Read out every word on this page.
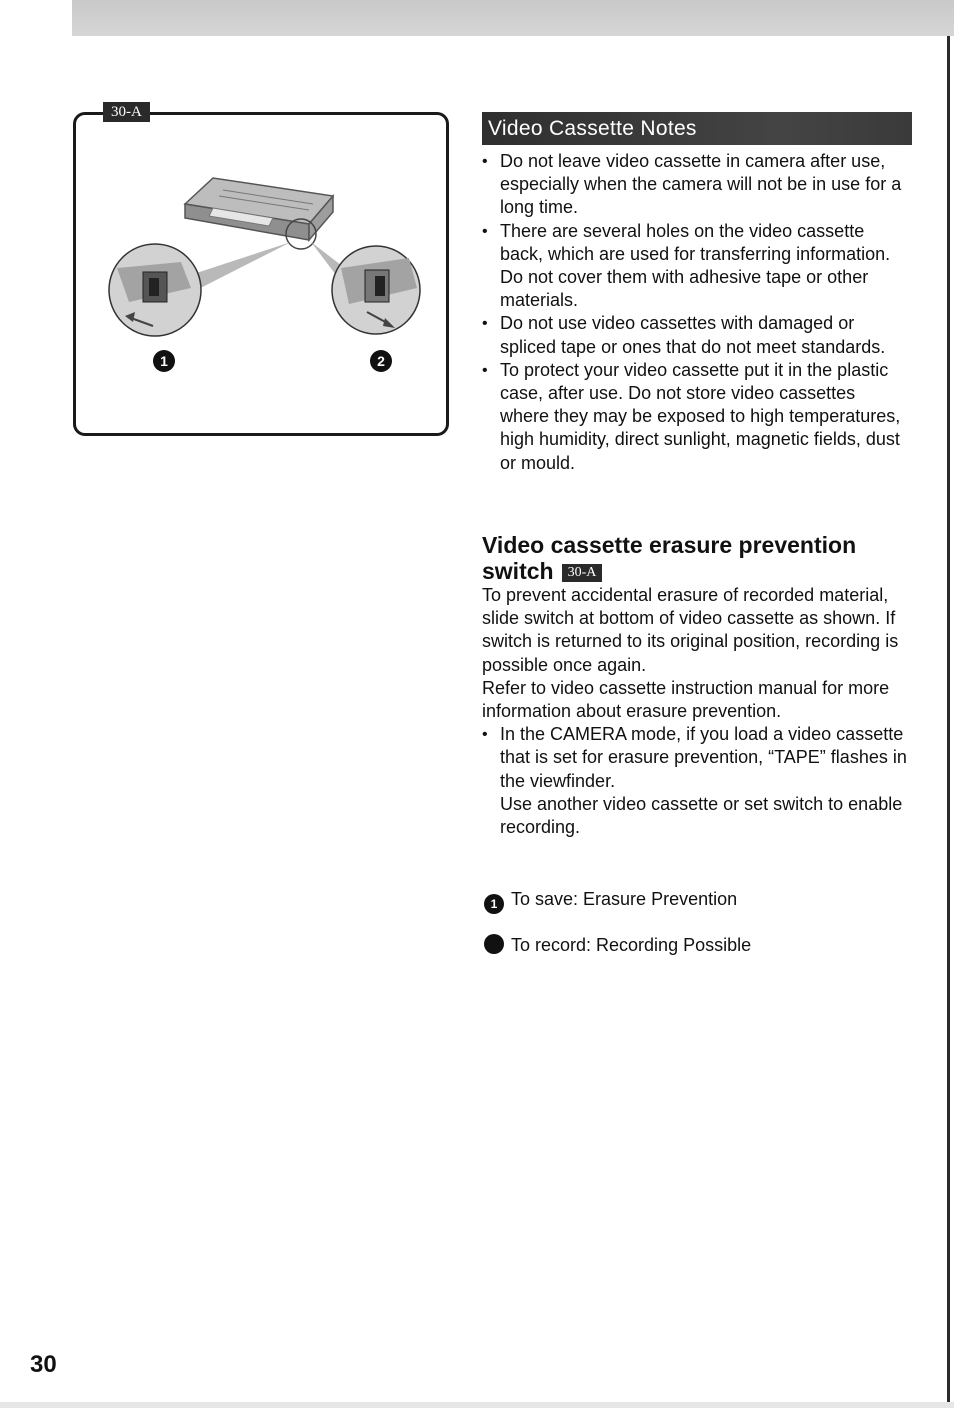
30-A
1	2
Video Cassette Notes
• Do not leave video cassette in camera after use, especially when the camera will not be in use for a long time.
• There are several holes on the video cassette back, which are used for transferring information. Do not cover them with adhesive tape or other materials.
• Do not use video cassettes with damaged or spliced tape or ones that do not meet standards.
• To protect your video cassette put it in the plastic case, after use. Do not store video cassettes where they may be exposed to high temperatures, high humidity, direct sunlight, magnetic fields, dust or mould.
Video cassette erasure prevention switch 30-A

To prevent accidental erasure of recorded material, slide switch at bottom of video cassette as shown. If switch is returned to its original position, recording is possible once again.

Refer to video cassette instruction manual for more information about erasure prevention.

• In the CAMERA mode, if you load a video cassette that is set for erasure prevention, “TAPE” flashes in the viewfinder.
Use another video cassette or set switch to enable recording.
1 To save: Erasure Prevention
To record: Recording Possible
30
